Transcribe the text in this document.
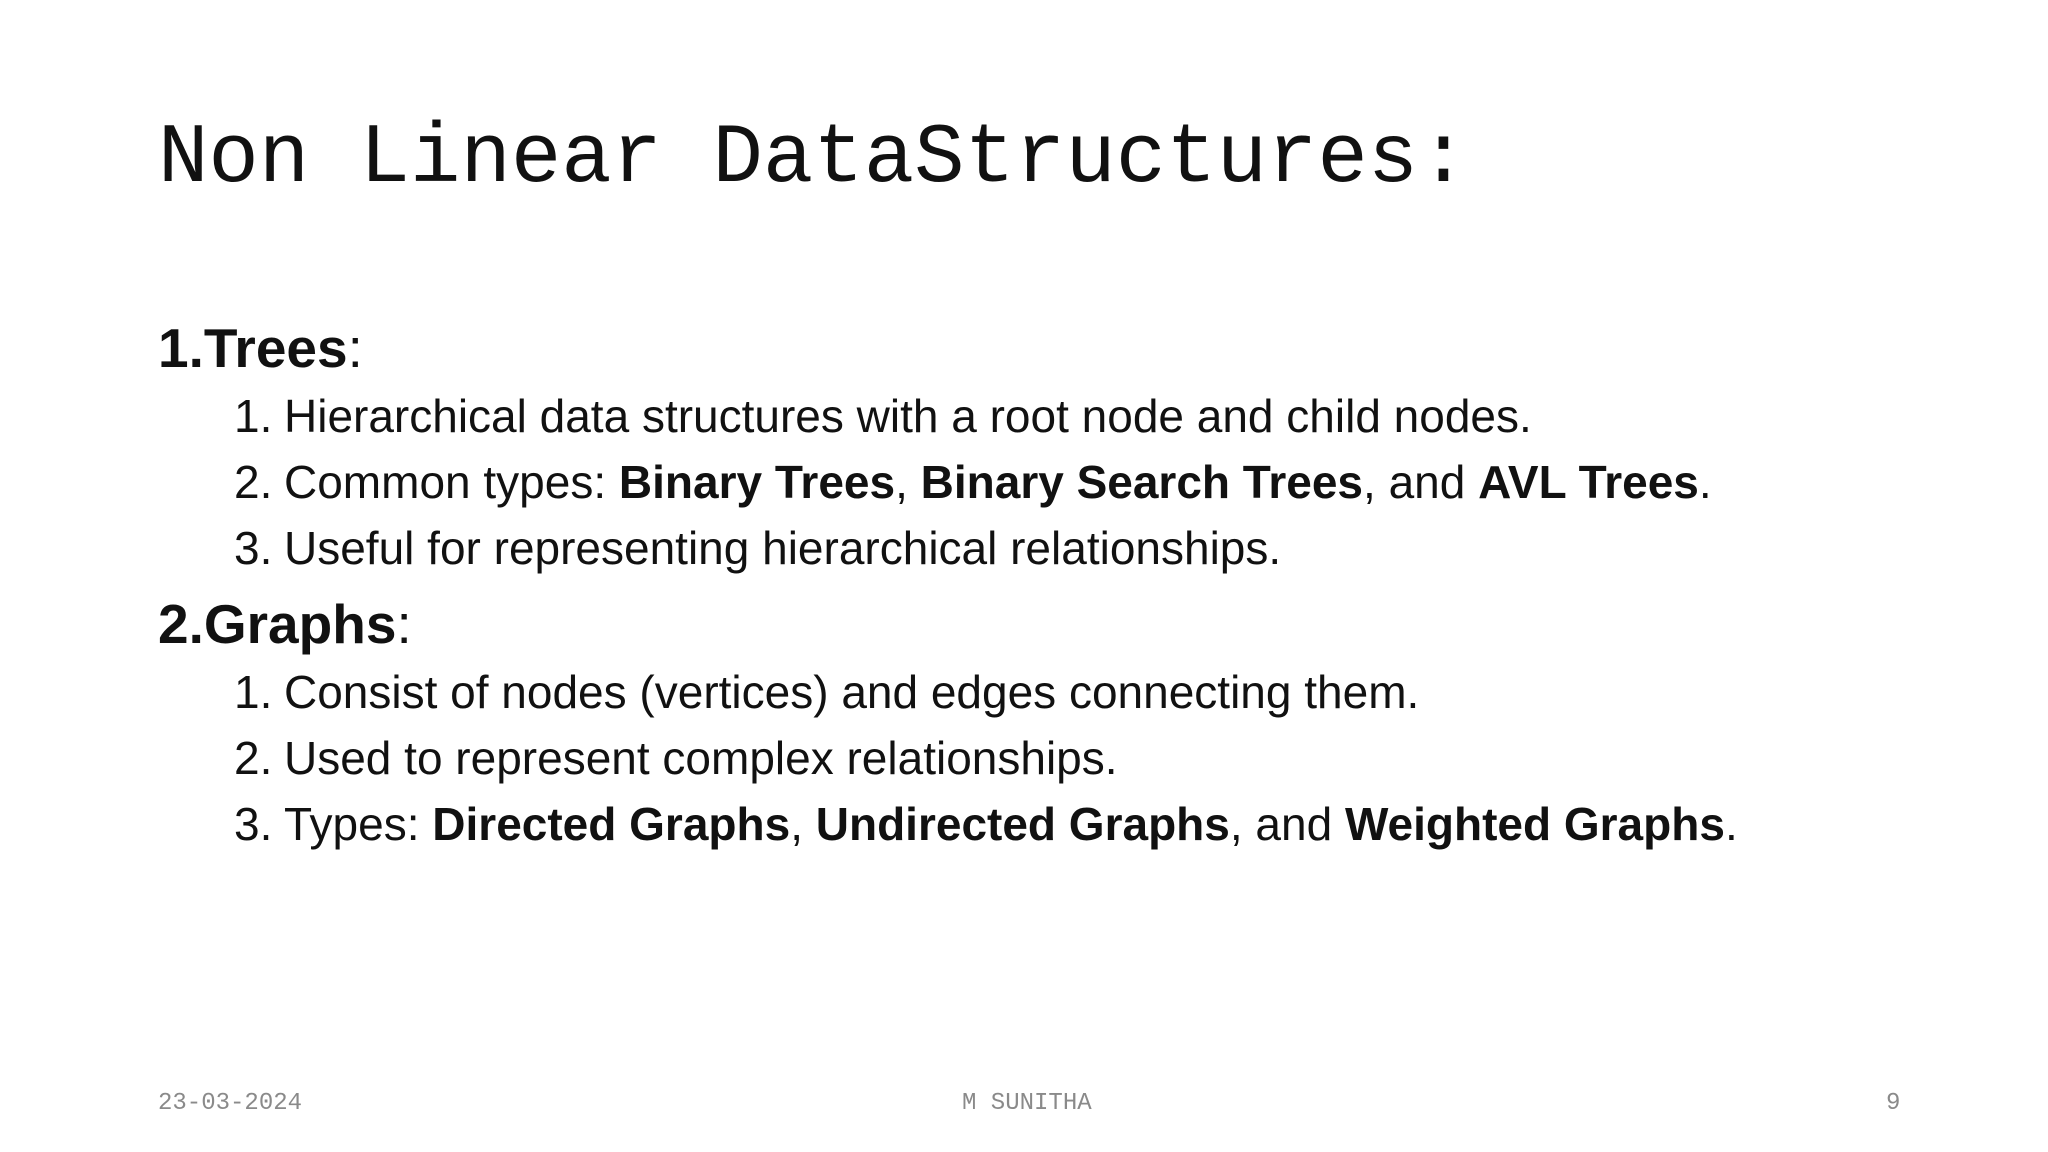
Non Linear DataStructures:
1.Trees:
1. Hierarchical data structures with a root node and child nodes.
2. Common types: Binary Trees, Binary Search Trees, and AVL Trees.
3. Useful for representing hierarchical relationships.
2.Graphs:
1. Consist of nodes (vertices) and edges connecting them.
2. Used to represent complex relationships.
3. Types: Directed Graphs, Undirected Graphs, and Weighted Graphs.
23-03-2024	M SUNITHA	9
